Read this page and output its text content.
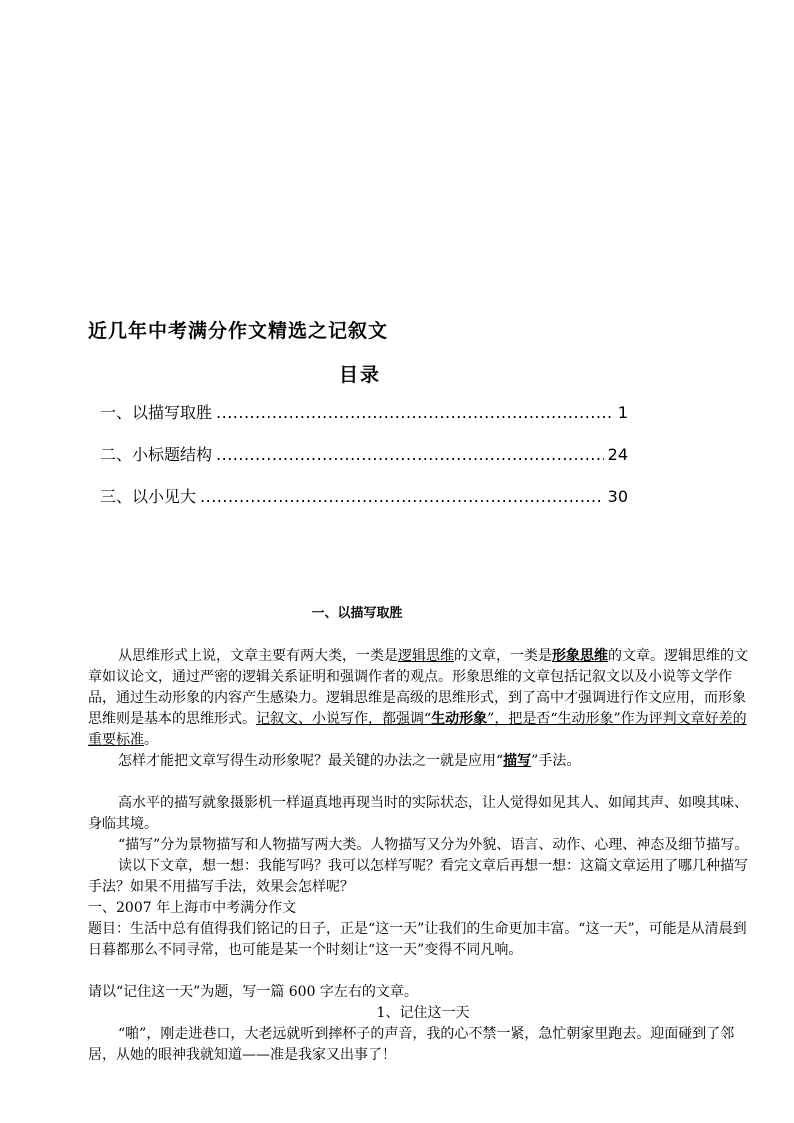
近几年中考满分作文精选之记叙文
目录
一、以描写取胜 .....	1
二、小标题结构 .....	24
三、以小见大 .....	30
一、以描写取胜

从思维形式上说，文章主要有两大类，一类是逻辑思维的文章，一类是形象思维的文章。逻辑思维的文章如议论文，通过严密的逻辑关系证明和强调作者的观点。形象思维的文章包括记叙文以及小说等文学作品，通过生动形象的内容产生感染力。逻辑思维是高级的思维形式，到了高中才强调进行作文应用，而形象思维则是基本的思维形式。记叙文、小说写作，都强调“生动形象”，把是否“生动形象”作为评判文章好差的重要标准。

怎样才能把文章写得生动形象呢？最关键的办法之一就是应用“描写”手法。

高水平的描写就象摄影机一样逼真地再现当时的实际状态，让人觉得如见其人、如闻其声、如嗅其味、身临其境。

“描写”分为景物描写和人物描写两大类。人物描写又分为外貌、语言、动作、心理、神态及细节描写。

读以下文章，想一想：我能写吗？我可以怎样写呢？看完文章后再想一想：这篇文章运用了哪几种描写手法？如果不用描写手法，效果会怎样呢？

一、2007 年上海市中考满分作文

题目：生活中总有值得我们铭记的日子，正是“这一天”让我们的生命更加丰富。“这一天”，可能是从清晨到日暮都那么不同寻常，也可能是某一个时刻让“这一天”变得不同凡响。

请以“记住这一天”为题，写一篇 600 字左右的文章。

1、记住这一天

“啪”，刚走进巷口，大老远就听到摔杯子的声音，我的心不禁一紧，急忙朝家里跑去。迎面碰到了邻居，从她的眼神我就知道——准是我家又出事了！
